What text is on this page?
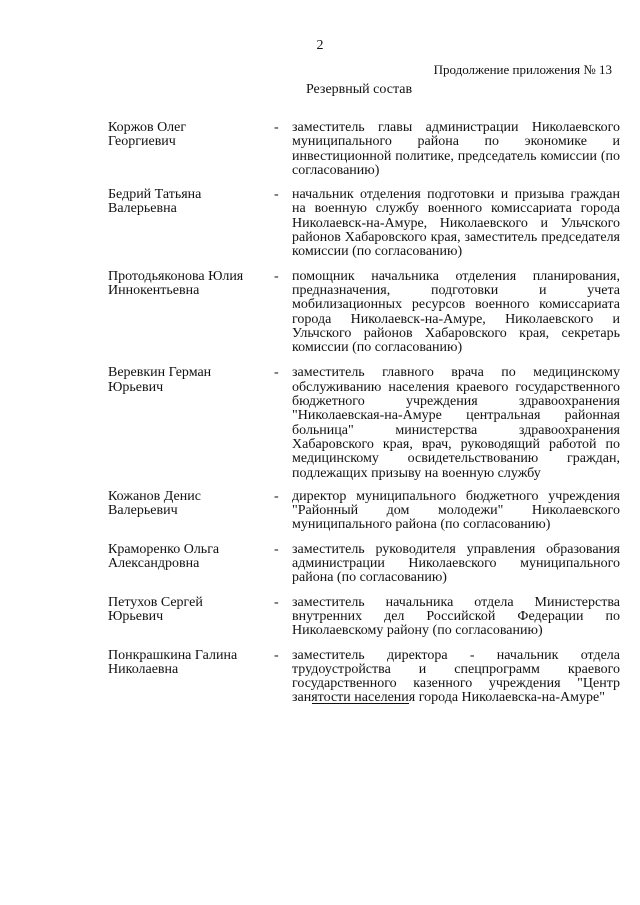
2
Продолжение приложения № 13
Резервный состав
Коржов Олег
Георгиевич
- заместитель главы администрации Николаевского муниципального района по экономике и инвестиционной политике, председатель комиссии (по согласованию)
Бедрий Татьяна
Валерьевна
- начальник отделения подготовки и призыва граждан на военную службу военного комиссариата города Николаевск-на-Амуре, Николаевского и Ульчского районов Хабаровского края, заместитель председателя комиссии (по согласованию)
Протодьяконова Юлия
Иннокентьевна
- помощник начальника отделения планирования, предназначения, подготовки и учета мобилизационных ресурсов военного комиссариата города Николаевск-на-Амуре, Николаевского и Ульчского районов Хабаровского края, секретарь комиссии (по согласованию)
Веревкин Герман
Юрьевич
- заместитель главного врача по медицинскому обслуживанию населения краевого государственного бюджетного учреждения здравоохранения "Николаевская-на-Амуре центральная районная больница" министерства здравоохранения Хабаровского края, врач, руководящий работой по медицинскому освидетельствованию граждан, подлежащих призыву на военную службу
Кожанов Денис
Валерьевич
- директор муниципального бюджетного учреждения "Районный дом молодежи" Николаевского муниципального района (по согласованию)
Краморенко Ольга
Александровна
- заместитель руководителя управления образования администрации Николаевского муниципального района (по согласованию)
Петухов Сергей
Юрьевич
- заместитель начальника отдела Министерства внутренних дел Российской Федерации по Николаевскому району (по согласованию)
Понкрашкина Галина
Николаевна
- заместитель директора - начальник отдела трудоустройства и спецпрограмм краевого государственного казенного учреждения "Центр занятости населения города Николаевска-на-Амуре"
